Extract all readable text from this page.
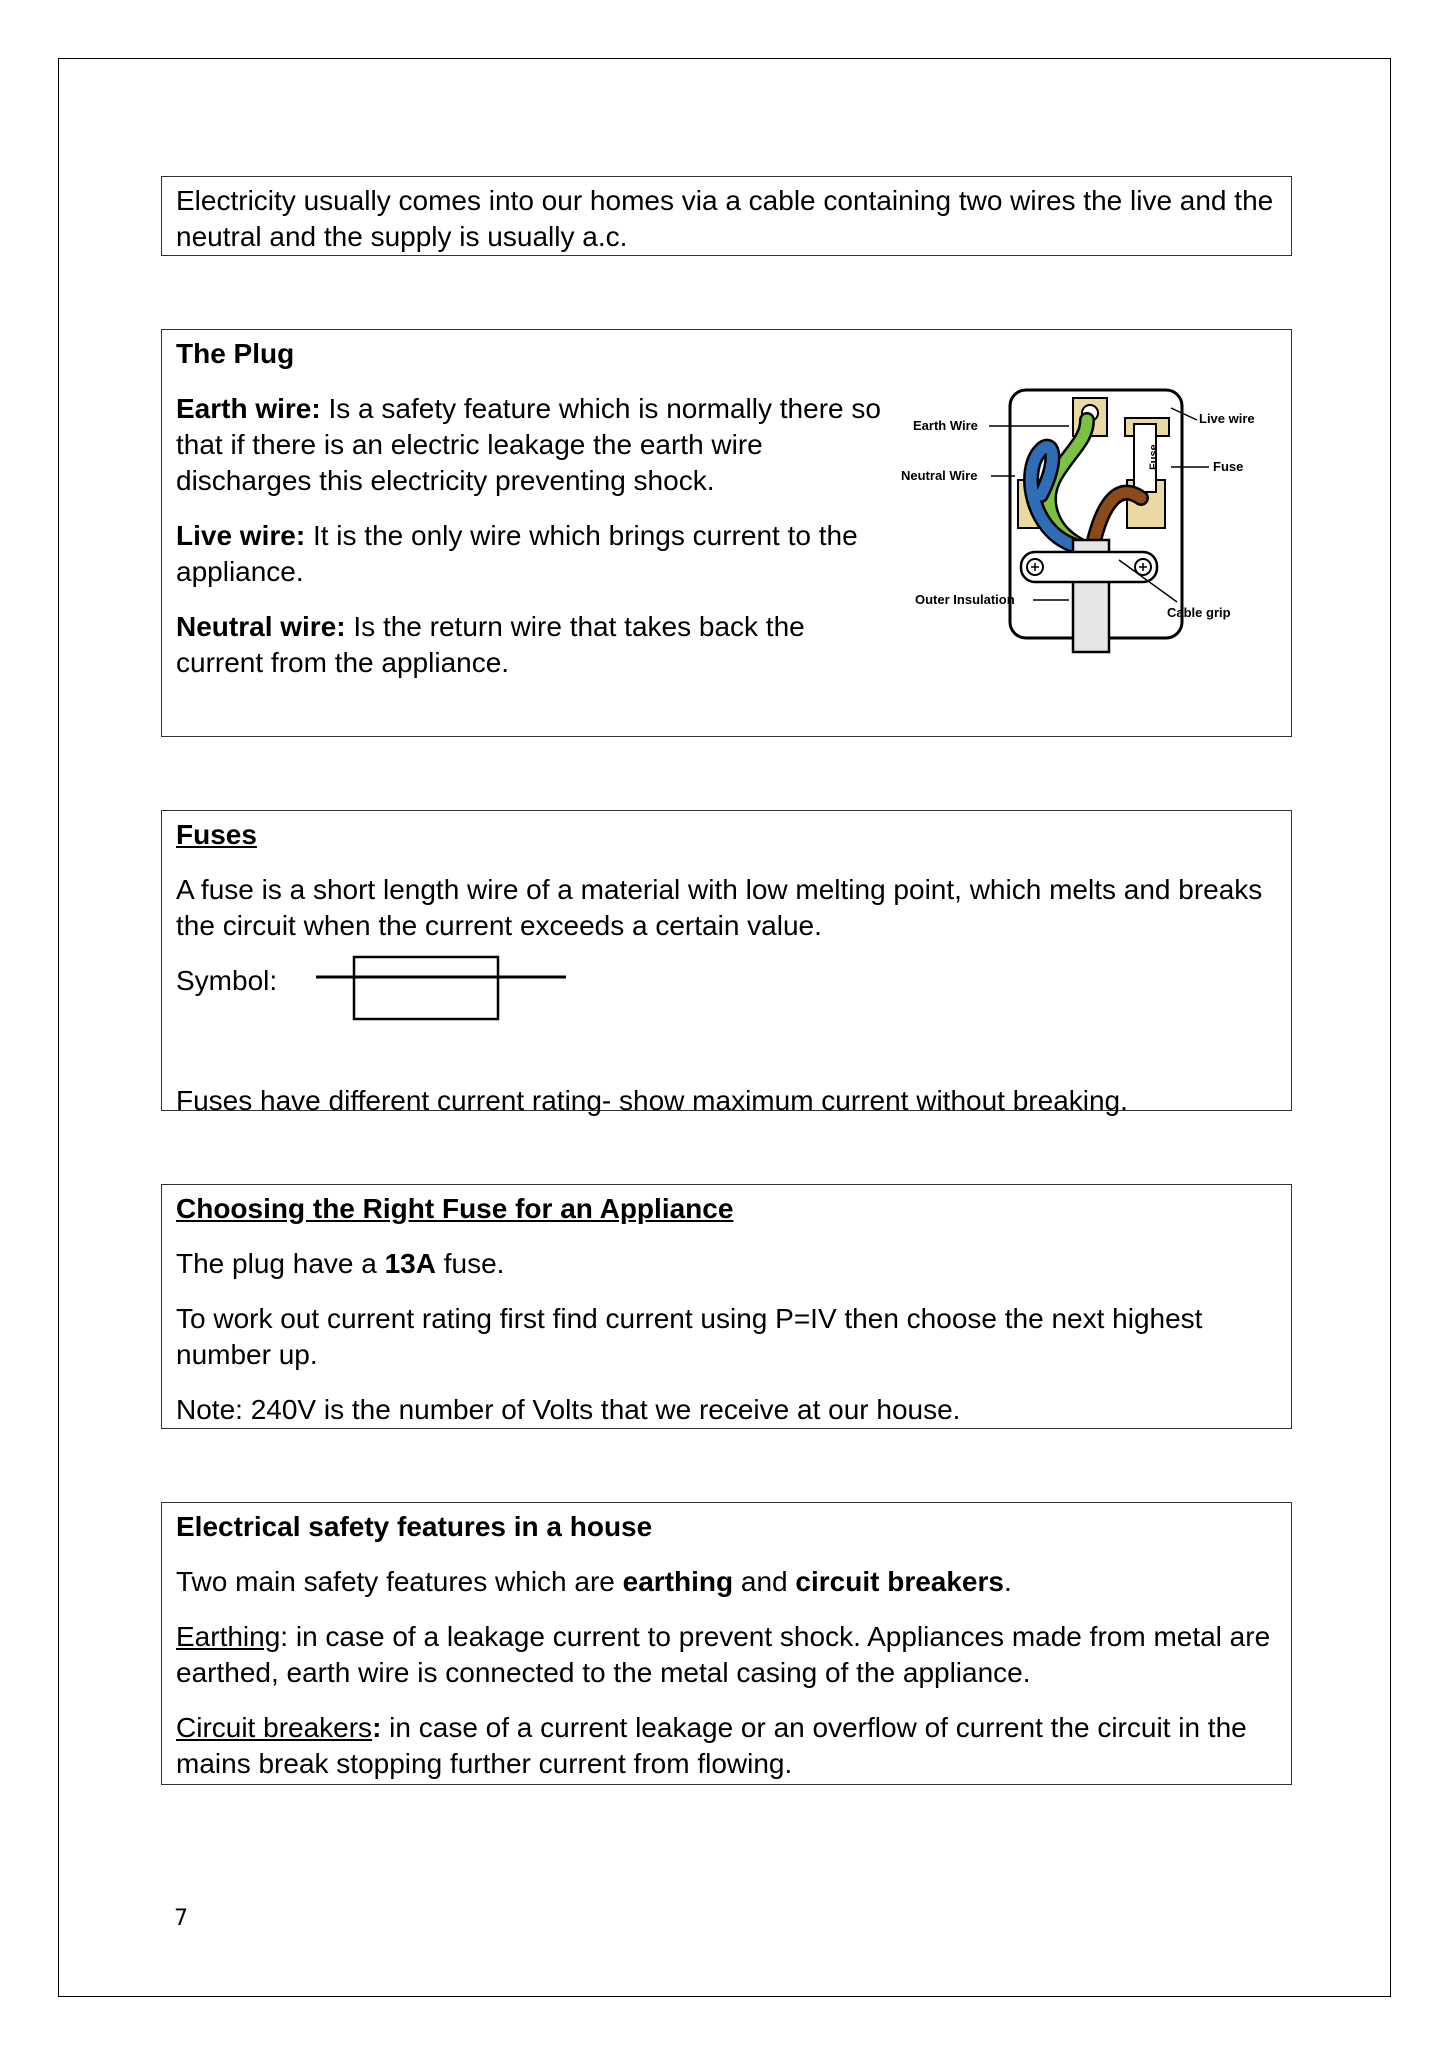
Electricity usually comes into our homes via a cable containing two wires the live and the neutral and the supply is usually a.c.

The Plug

Earth wire: Is a safety feature which is normally there so that if there is an electric leakage the earth wire discharges this electricity preventing shock.

Live wire: It is the only wire which brings current to the appliance.

Neutral wire: Is the return wire that takes back the current from the appliance.

Fuse
Earth Wire
Neutral Wire
Outer Insulation
Live wire
Fuse
Cable grip
Fuses

A fuse is a short length wire of a material with low melting point, which melts and breaks the circuit when the current exceeds a certain value.

Symbol:

Fuses have different current rating- show maximum current without breaking.

Choosing the Right Fuse for an Appliance

The plug have a 13A fuse.

To work out current rating first find current using P=IV then choose the next highest number up.

Note: 240V is the number of Volts that we receive at our house.

Electrical safety features in a house

Two main safety features which are earthing and circuit breakers.

Earthing: in case of a leakage current to prevent shock. Appliances made from metal are earthed, earth wire is connected to the metal casing of the appliance.

Circuit breakers: in case of a current leakage or an overflow of current the circuit in the mains break stopping further current from flowing.

7
